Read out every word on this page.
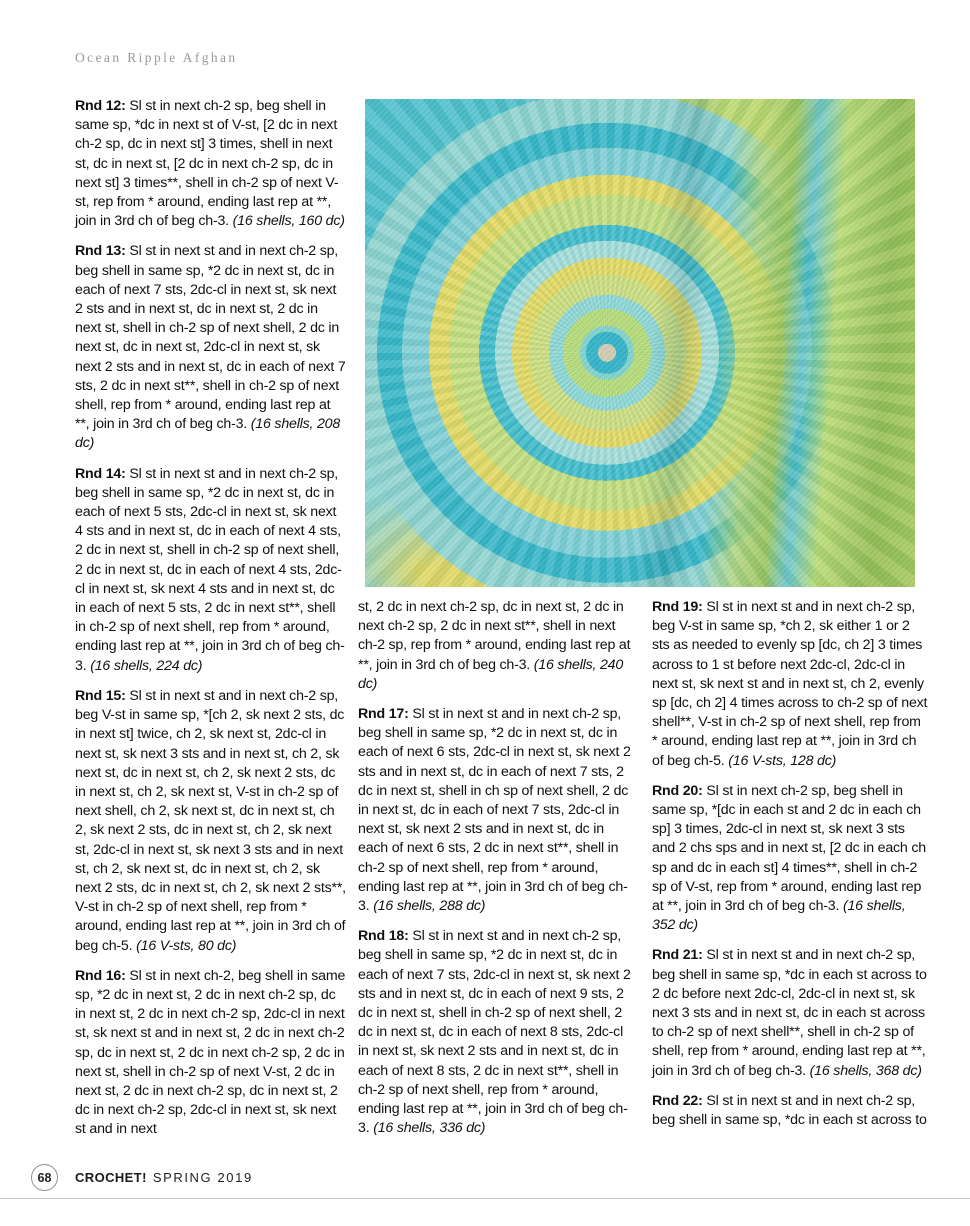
Ocean Ripple Afghan

Rnd 12: Sl st in next ch-2 sp, beg shell in same sp, *dc in next st of V-st, [2 dc in next ch-2 sp, dc in next st] 3 times, shell in next st, dc in next st, [2 dc in next ch-2 sp, dc in next st] 3 times**, shell in ch-2 sp of next V-st, rep from * around, ending last rep at **, join in 3rd ch of beg ch-3. (16 shells, 160 dc)

Rnd 13: Sl st in next st and in next ch-2 sp, beg shell in same sp, *2 dc in next st, dc in each of next 7 sts, 2dc-cl in next st, sk next 2 sts and in next st, dc in next st, 2 dc in next st, shell in ch-2 sp of next shell, 2 dc in next st, dc in next st, 2dc-cl in next st, sk next 2 sts and in next st, dc in each of next 7 sts, 2 dc in next st**, shell in ch-2 sp of next shell, rep from * around, ending last rep at **, join in 3rd ch of beg ch-3. (16 shells, 208 dc)

Rnd 14: Sl st in next st and in next ch-2 sp, beg shell in same sp, *2 dc in next st, dc in each of next 5 sts, 2dc-cl in next st, sk next 4 sts and in next st, dc in each of next 4 sts, 2 dc in next st, shell in ch-2 sp of next shell, 2 dc in next st, dc in each of next 4 sts, 2dc-cl in next st, sk next 4 sts and in next st, dc in each of next 5 sts, 2 dc in next st**, shell in ch-2 sp of next shell, rep from * around, ending last rep at **, join in 3rd ch of beg ch-3. (16 shells, 224 dc)

Rnd 15: Sl st in next st and in next ch-2 sp, beg V-st in same sp, *[ch 2, sk next 2 sts, dc in next st] twice, ch 2, sk next st, 2dc-cl in next st, sk next 3 sts and in next st, ch 2, sk next st, dc in next st, ch 2, sk next 2 sts, dc in next st, ch 2, sk next st, V-st in ch-2 sp of next shell, ch 2, sk next st, dc in next st, ch 2, sk next 2 sts, dc in next st, ch 2, sk next st, 2dc-cl in next st, sk next 3 sts and in next st, ch 2, sk next st, dc in next st, ch 2, sk next 2 sts, dc in next st, ch 2, sk next 2 sts**, V-st in ch-2 sp of next shell, rep from * around, ending last rep at **, join in 3rd ch of beg ch-5. (16 V-sts, 80 dc)

Rnd 16: Sl st in next ch-2, beg shell in same sp, *2 dc in next st, 2 dc in next ch-2 sp, dc in next st, 2 dc in next ch-2 sp, 2dc-cl in next st, sk next st and in next st, 2 dc in next ch-2 sp, dc in next st, 2 dc in next ch-2 sp, 2 dc in next st, shell in ch-2 sp of next V-st, 2 dc in next st, 2 dc in next ch-2 sp, dc in next st, 2 dc in next ch-2 sp, 2dc-cl in next st, sk next st and in next

st, 2 dc in next ch-2 sp, dc in next st, 2 dc in next ch-2 sp, 2 dc in next st**, shell in next ch-2 sp, rep from * around, ending last rep at **, join in 3rd ch of beg ch-3. (16 shells, 240 dc)

Rnd 17: Sl st in next st and in next ch-2 sp, beg shell in same sp, *2 dc in next st, dc in each of next 6 sts, 2dc-cl in next st, sk next 2 sts and in next st, dc in each of next 7 sts, 2 dc in next st, shell in ch sp of next shell, 2 dc in next st, dc in each of next 7 sts, 2dc-cl in next st, sk next 2 sts and in next st, dc in each of next 6 sts, 2 dc in next st**, shell in ch-2 sp of next shell, rep from * around, ending last rep at **, join in 3rd ch of beg ch-3. (16 shells, 288 dc)

Rnd 18: Sl st in next st and in next ch-2 sp, beg shell in same sp, *2 dc in next st, dc in each of next 7 sts, 2dc-cl in next st, sk next 2 sts and in next st, dc in each of next 9 sts, 2 dc in next st, shell in ch-2 sp of next shell, 2 dc in next st, dc in each of next 8 sts, 2dc-cl in next st, sk next 2 sts and in next st, dc in each of next 8 sts, 2 dc in next st**, shell in ch-2 sp of next shell, rep from * around, ending last rep at **, join in 3rd ch of beg ch-3. (16 shells, 336 dc)

Rnd 19: Sl st in next st and in next ch-2 sp, beg V-st in same sp, *ch 2, sk either 1 or 2 sts as needed to evenly sp [dc, ch 2] 3 times across to 1 st before next 2dc-cl, 2dc-cl in next st, sk next st and in next st, ch 2, evenly sp [dc, ch 2] 4 times across to ch-2 sp of next shell**, V-st in ch-2 sp of next shell, rep from * around, ending last rep at **, join in 3rd ch of beg ch-5. (16 V-sts, 128 dc)

Rnd 20: Sl st in next ch-2 sp, beg shell in same sp, *[dc in each st and 2 dc in each ch sp] 3 times, 2dc-cl in next st, sk next 3 sts and 2 chs sps and in next st, [2 dc in each ch sp and dc in each st] 4 times**, shell in ch-2 sp of V-st, rep from * around, ending last rep at **, join in 3rd ch of beg ch-3. (16 shells, 352 dc)

Rnd 21: Sl st in next st and in next ch-2 sp, beg shell in same sp, *dc in each st across to 2 dc before next 2dc-cl, 2dc-cl in next st, sk next 3 sts and in next st, dc in each st across to ch-2 sp of next shell**, shell in ch-2 sp of shell, rep from * around, ending last rep at **, join in 3rd ch of beg ch-3. (16 shells, 368 dc)

Rnd 22: Sl st in next st and in next ch-2 sp, beg shell in same sp, *dc in each st across to

68 CROCHET! SPRING 2019
